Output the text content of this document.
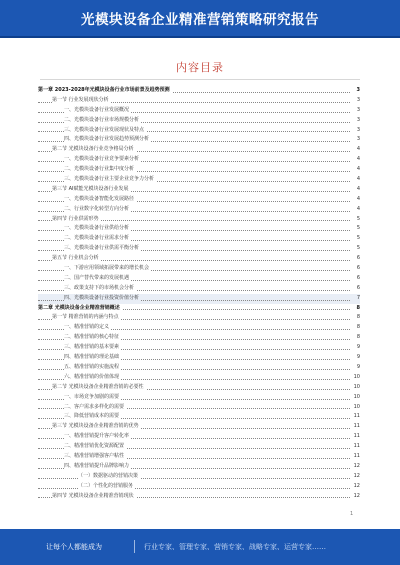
光模块设备企业精准营销策略研究报告
内容目录
第一章 2023-2028年光模块设备行业市场前景及趋势预测	3
第一节 行业发展现状分析	3
一、光模块设备行业发展概况	3
二、光模块设备行业市场规模分析	3
三、光模块设备行业发展现状及特点	3
四、光模块设备行业发展趋势预测分析	3
第二节 光模块设备行业竞争格局分析	4
一、光模块设备行业竞争要素分析	4
二、光模块设备行业集中度分析	4
三、光模块设备行业主要企业竞争力分析	4
第三节 AI赋能光模块设备行业发展	4
一、光模块设备智能化发展路径	4
二、行业数字化转型方向分析	4
第四节 行业供需形势	5
一、光模块设备行业供给分析	5
二、光模块设备行业需求分析	5
三、光模块设备行业供需平衡分析	5
第五节 行业机会分析	6
一、下游应用领域拓展带来的增长机会	6
二、国产替代带来的发展机遇	6
三、政策支持下的市场机会分析	6
四、光模块设备行业投资价值分析	7
第二章 光模块设备企业精准营销概述	8
第一节 精准营销的内涵与特点	8
一、精准营销的定义	8
二、精准营销的核心特征	8
三、精准营销的基本要素	9
四、精准营销的理论基础	9
五、精准营销的实施流程	9
六、精准营销的价值体现	10
第二节 光模块设备企业精准营销的必要性	10
一、市场竞争加剧的需要	10
二、客户需求多样化的需要	10
三、降低营销成本的需要	11
第三节 光模块设备企业精准营销的优势	11
一、精准营销提升客户转化率	11
二、精准营销优化资源配置	11
三、精准营销增强客户粘性	11
四、精准营销提升品牌影响力	12
（一）数据驱动的营销决策	12
（二）个性化的营销服务	12
第四节 光模块设备企业精准营销现状	12
1
让每个人都能成为	行业专家、管理专家、营销专家、战略专家、运营专家……
